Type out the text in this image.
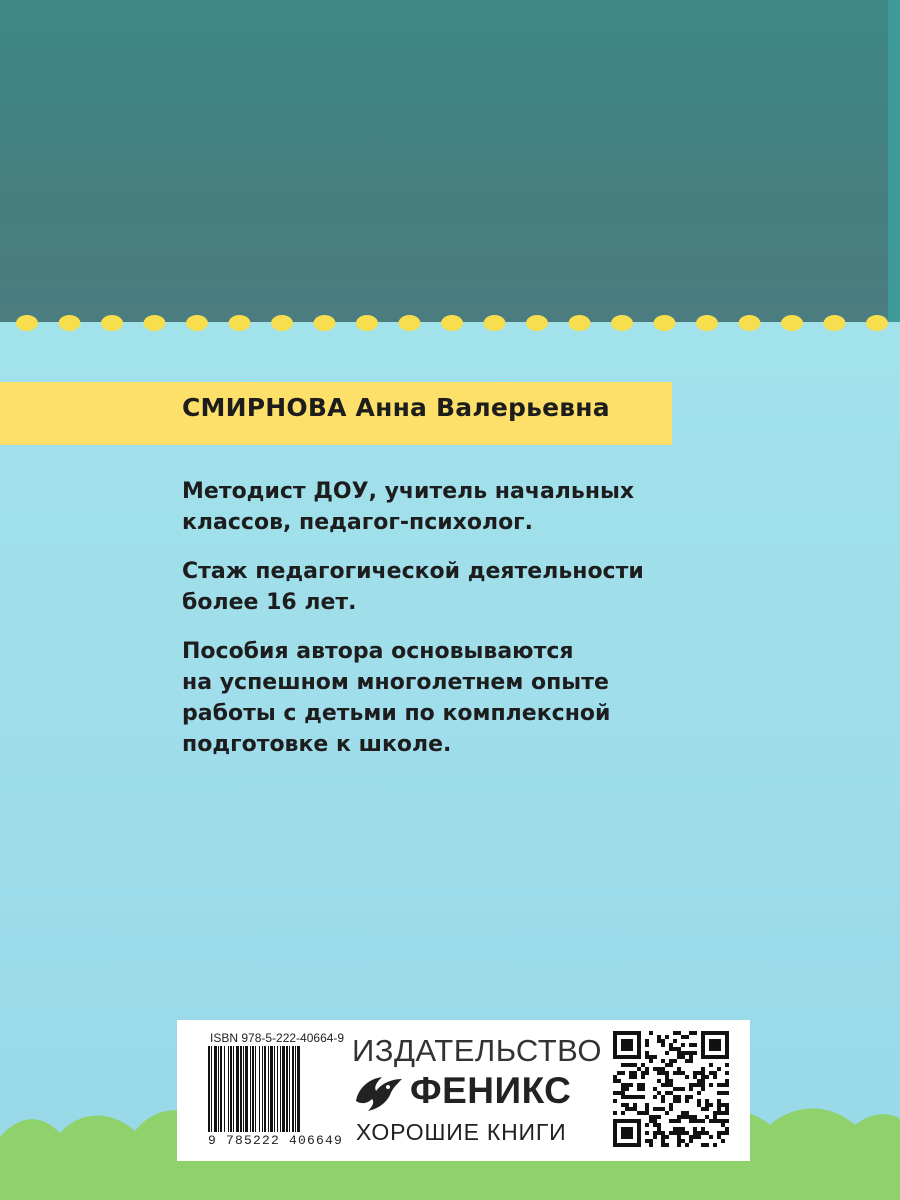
СМИРНОВА Анна Валерьевна
Методист ДОУ, учитель начальных
классов, педагог-психолог.
Стаж педагогической деятельности
более 16 лет.
Пособия автора основываются
на успешном многолетнем опыте
работы с детьми по комплексной
подготовке к школе.
ISBN 978-5-222-40664-9
9 785222 406649
ИЗДАТЕЛЬСТВО
ФЕНИКС
ХОРОШИЕ КНИГИ
